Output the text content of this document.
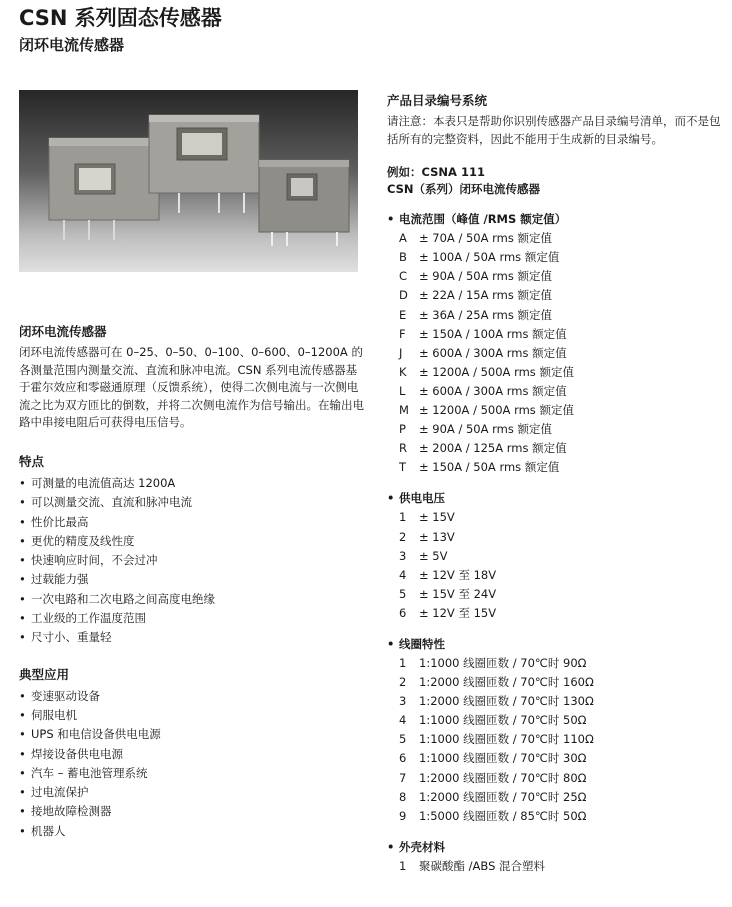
CSN 系列固态传感器
闭环电流传感器
闭环电流传感器

闭环电流传感器可在 0–25、0–50、0–100、0–600、0–1200A 的各测量范围内测量交流、直流和脉冲电流。CSN 系列电流传感器基于霍尔效应和零磁通原理（反馈系统），使得二次侧电流与一次侧电流之比为双方匝比的倒数，并将二次侧电流作为信号输出。在输出电路中串接电阻后可获得电压信号。

特点
• 可测量的电流值高达 1200A
• 可以测量交流、直流和脉冲电流
• 性价比最高
• 更优的精度及线性度
• 快速响应时间，不会过冲
• 过载能力强
• 一次电路和二次电路之间高度电绝缘
• 工业级的工作温度范围
• 尺寸小、重量轻
典型应用
• 变速驱动设备
• 伺服电机
• UPS 和电信设备供电电源
• 焊接设备供电电源
• 汽车 – 蓄电池管理系统
• 过电流保护
• 接地故障检测器
• 机器人
产品目录编号系统

请注意：本表只是帮助你识别传感器产品目录编号清单，而不是包括所有的完整资料，因此不能用于生成新的目录编号。

例如：CSNA 111
CSN（系列）闭环电流传感器
• 电流范围（峰值 /RMS 额定值）
A	± 70A / 50A rms 额定值
B	± 100A / 50A rms 额定值
C	± 90A / 50A rms 额定值
D ± 22A / 15A rms 额定值
E	± 36A / 25A rms 额定值
F	± 150A / 100A rms 额定值
J	± 600A / 300A rms 额定值
K	± 1200A / 500A rms 额定值
L	± 600A / 300A rms 额定值
M ± 1200A / 500A rms 额定值
P	± 90A / 50A rms 额定值
R	± 200A / 125A rms 额定值
T	± 150A / 50A rms 额定值
• 供电电压
1	± 15V
2	± 13V
3	± 5V
4	± 12V 至 18V
5	± 15V 至 24V
6	± 12V 至 15V
• 线圈特性
1	1:1000 线圈匝数 / 70℃时 90Ω
2	1:2000 线圈匝数 / 70℃时 160Ω
3	1:2000 线圈匝数 / 70℃时 130Ω
4	1:1000 线圈匝数 / 70℃时 50Ω
5	1:1000 线圈匝数 / 70℃时 110Ω
6	1:1000 线圈匝数 / 70℃时 30Ω
7	1:2000 线圈匝数 / 70℃时 80Ω
8	1:2000 线圈匝数 / 70℃时 25Ω
9	1:5000 线圈匝数 / 85℃时 50Ω
• 外壳材料
1	聚碳酸酯 /ABS 混合塑料
